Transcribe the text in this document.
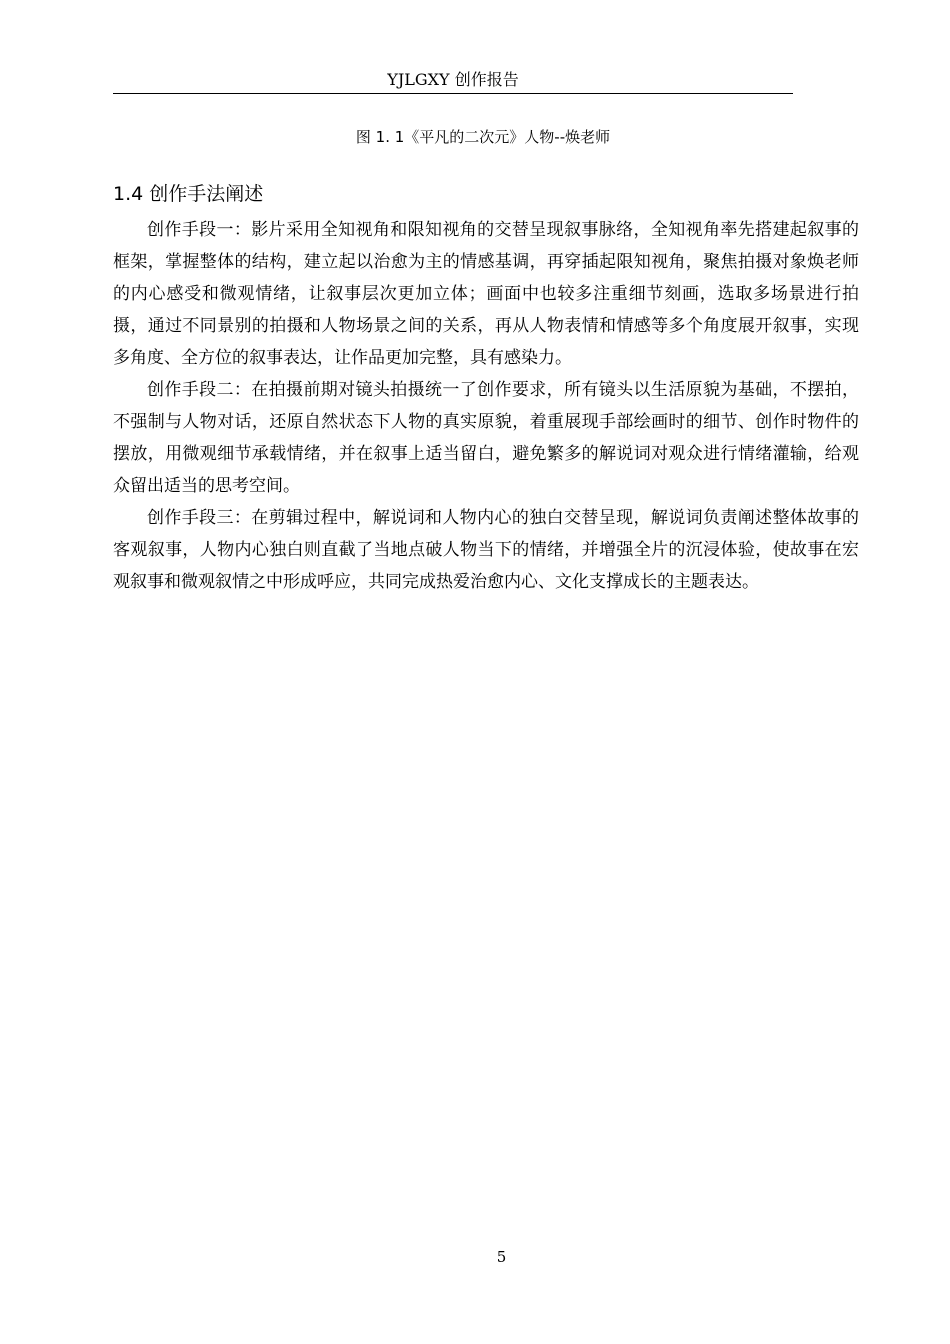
YJLGXY 创作报告
图 1. 1《平凡的二次元》人物--焕老师
1.4 创作手法阐述

创作手段一：影片采用全知视角和限知视角的交替呈现叙事脉络，全知视角率先搭建起叙事的框架，掌握整体的结构，建立起以治愈为主的情感基调，再穿插起限知视角，聚焦拍摄对象焕老师的内心感受和微观情绪，让叙事层次更加立体；画面中也较多注重细节刻画，选取多场景进行拍摄，通过不同景别的拍摄和人物场景之间的关系，再从人物表情和情感等多个角度展开叙事，实现多角度、全方位的叙事表达，让作品更加完整，具有感染力。

创作手段二：在拍摄前期对镜头拍摄统一了创作要求，所有镜头以生活原貌为基础，不摆拍，不强制与人物对话，还原自然状态下人物的真实原貌，着重展现手部绘画时的细节、创作时物件的摆放，用微观细节承载情绪，并在叙事上适当留白，避免繁多的解说词对观众进行情绪灌输，给观众留出适当的思考空间。

创作手段三：在剪辑过程中，解说词和人物内心的独白交替呈现，解说词负责阐述整体故事的客观叙事，人物内心独白则直截了当地点破人物当下的情绪，并增强全片的沉浸体验，使故事在宏观叙事和微观叙情之中形成呼应，共同完成热爱治愈内心、文化支撑成长的主题表达。

5
